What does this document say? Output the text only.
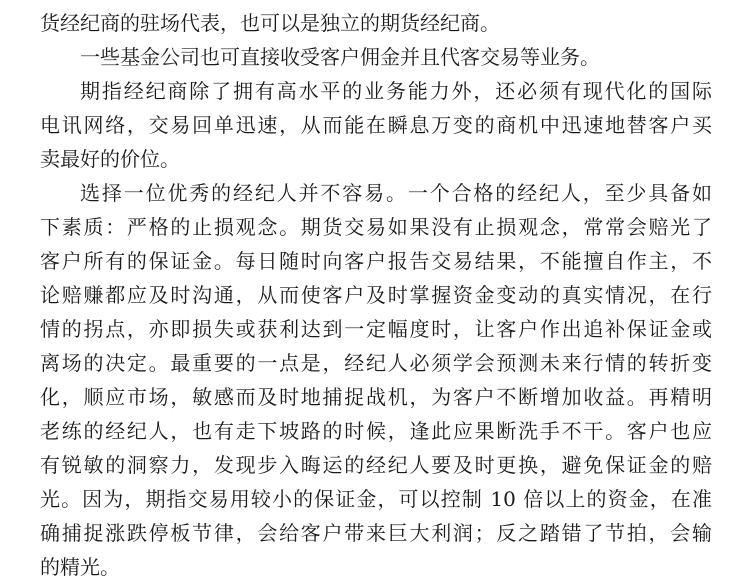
货经纪商的驻场代表，也可以是独立的期货经纪商。
一些基金公司也可直接收受客户佣金并且代客交易等业务。
期指经纪商除了拥有高水平的业务能力外，还必须有现代化的国际
电讯网络，交易回单迅速，从而能在瞬息万变的商机中迅速地替客户买
卖最好的价位。
选择一位优秀的经纪人并不容易。一个合格的经纪人，至少具备如
下素质：严格的止损观念。期货交易如果没有止损观念，常常会赔光了
客户所有的保证金。每日随时向客户报告交易结果，不能擅自作主，不
论赔赚都应及时沟通，从而使客户及时掌握资金变动的真实情况，在行
情的拐点，亦即损失或获利达到一定幅度时，让客户作出追补保证金或
离场的决定。最重要的一点是，经纪人必须学会预测未来行情的转折变
化，顺应市场，敏感而及时地捕捉战机，为客户不断增加收益。再精明
老练的经纪人，也有走下坡路的时候，逢此应果断洗手不干。客户也应
有锐敏的洞察力，发现步入晦运的经纪人要及时更换，避免保证金的赔
光。因为，期指交易用较小的保证金，可以控制 10 倍以上的资金，在准
确捕捉涨跌停板节律，会给客户带来巨大利润；反之踏错了节拍，会输
的精光。
